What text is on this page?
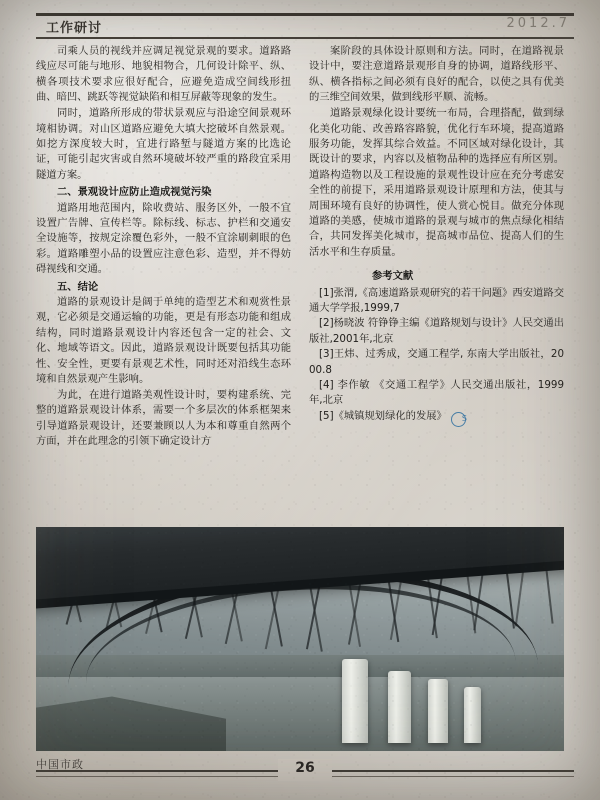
工作研讨	2012.7

司乘人员的视线并应调足视觉景观的要求。道路路线应尽可能与地形、地貌相物合，几何设计除平、纵、横各项技术要求应很好配合，应避免造成空间线形扭曲、暗凹、跳跃等视觉缺陷和相互屏蔽等现象的发生。

同时，道路所形成的带状景观应与沿途空间景观环境相协调。对山区道路应避免大填大挖破坏自然景观。如挖方深度较大时，宜进行路堑与隧道方案的比选论证，可能引起灾害或自然环境破坏较严重的路段宜采用隧道方案。

二、景观设计应防止造成视觉污染

道路用地范围内，除收费站、服务区外，一般不宜设置广告牌、宣传栏等。除标线、标志、护栏和交通安全设施等，按规定涂覆色彩外，一般不宜涂刷刺眼的色彩。道路雕塑小品的设置应注意色彩、造型，并不得妨碍视线和交通。

五、结论

道路的景观设计是阔于单纯的造型艺术和观赏性景观，它必须是交通运输的功能，更是有形态功能和组成结构，同时道路景观设计内容还包含一定的社会、文化、地域等语文。因此，道路景观设计既要包括其功能性、安全性，更要有景观艺术性，同时还对沿线生态环境和自然景观产生影响。

为此，在进行道路美观性设计时，要构建系统、完整的道路景观设计体系，需要一个多层次的体系框架来引导道路景观设计，还要兼顾以人为本和尊重自然两个方面，并在此理念的引领下确定设计方

案阶段的具体设计原则和方法。同时，在道路视景设计中，要注意道路景观形自身的协调，道路线形平、纵、横各指标之间必须有良好的配合，以使之具有优美的三维空间效果，做到线形平顺、流畅。

道路景观绿化设计要统一布局，合理搭配，做到绿化美化功能、改善路容路貌，优化行车环境，提高道路服务功能，发挥其综合效益。不同区域对绿化设计，其既设计的要求，内容以及植物品种的选择应有所区别。道路构造物以及工程设施的景观性设计应在充分考虑安全性的前提下，采用道路景观设计原理和方法，使其与周围环境有良好的协调性，使人赏心悦目。做充分体现道路的美感，使城市道路的景观与城市的焦点绿化相结合，共同发挥美化城市，提高城市品位、提高人们的生活水平和生存质量。

参考文献

[1]张渭,《高速道路景观研究的若干问题》西安道路交通大学学报,1999,7

[2]杨晓波 符铮铮主编《道路规划与设计》人民交通出版社,2001年,北京

[3]王炜、过秀成，交通工程学, 东南大学出版社，2000.8

[4] 李作敏 《交通工程学》人民交通出版社，1999年,北京

[5]《城镇规划绿化的发展》 S

中国市政	26
